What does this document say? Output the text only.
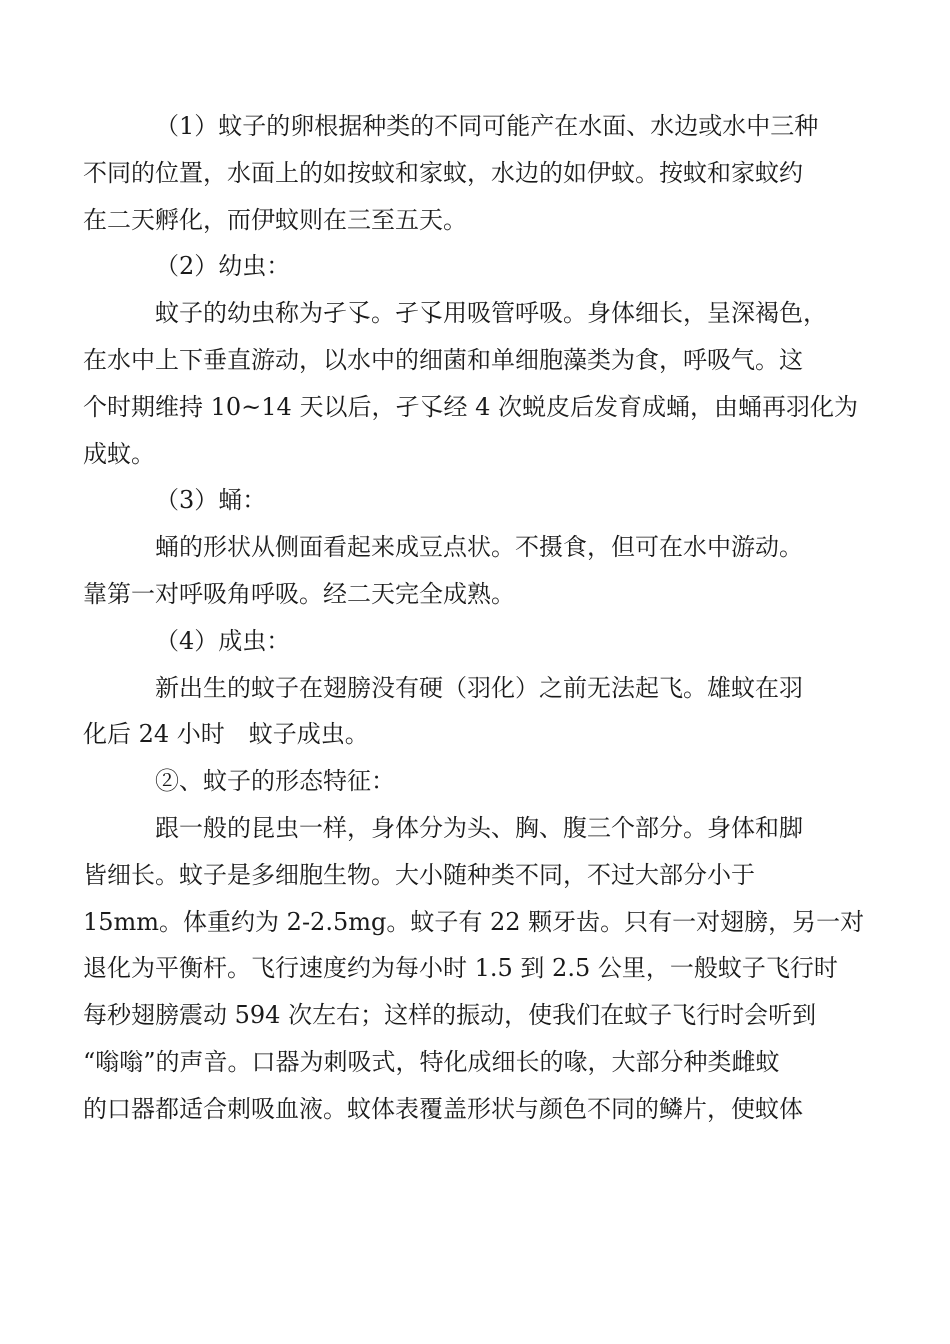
（1）蚊子的卵根据种类的不同可能产在水面、水边或水中三种
不同的位置，水面上的如按蚊和家蚊，水边的如伊蚊。按蚊和家蚊约
在二天孵化，而伊蚊则在三至五天。
（2）幼虫：
蚊子的幼虫称为孑孓。孑孓用吸管呼吸。身体细长，呈深褐色，
在水中上下垂直游动，以水中的细菌和单细胞藻类为食，呼吸气。这
个时期维持 10~14 天以后，孑孓经 4 次蜕皮后发育成蛹，由蛹再羽化为
成蚊。
（3）蛹：
蛹的形状从侧面看起来成豆点状。不摄食，但可在水中游动。
靠第一对呼吸角呼吸。经二天完全成熟。
（4）成虫：
新出生的蚊子在翅膀没有硬（羽化）之前无法起飞。雄蚊在羽
化后 24 小时　蚊子成虫。
②、蚊子的形态特征：
跟一般的昆虫一样，身体分为头、胸、腹三个部分。身体和脚
皆细长。蚊子是多细胞生物。大小随种类不同，不过大部分小于
15mm。体重约为 2-2.5mg。蚊子有 22 颗牙齿。只有一对翅膀，另一对
退化为平衡杆。飞行速度约为每小时 1.5 到 2.5 公里，一般蚊子飞行时
每秒翅膀震动 594 次左右；这样的振动，使我们在蚊子飞行时会听到
“嗡嗡”的声音。口器为刺吸式，特化成细长的喙，大部分种类雌蚊
的口器都适合刺吸血液。蚊体表覆盖形状与颜色不同的鳞片，使蚊体
